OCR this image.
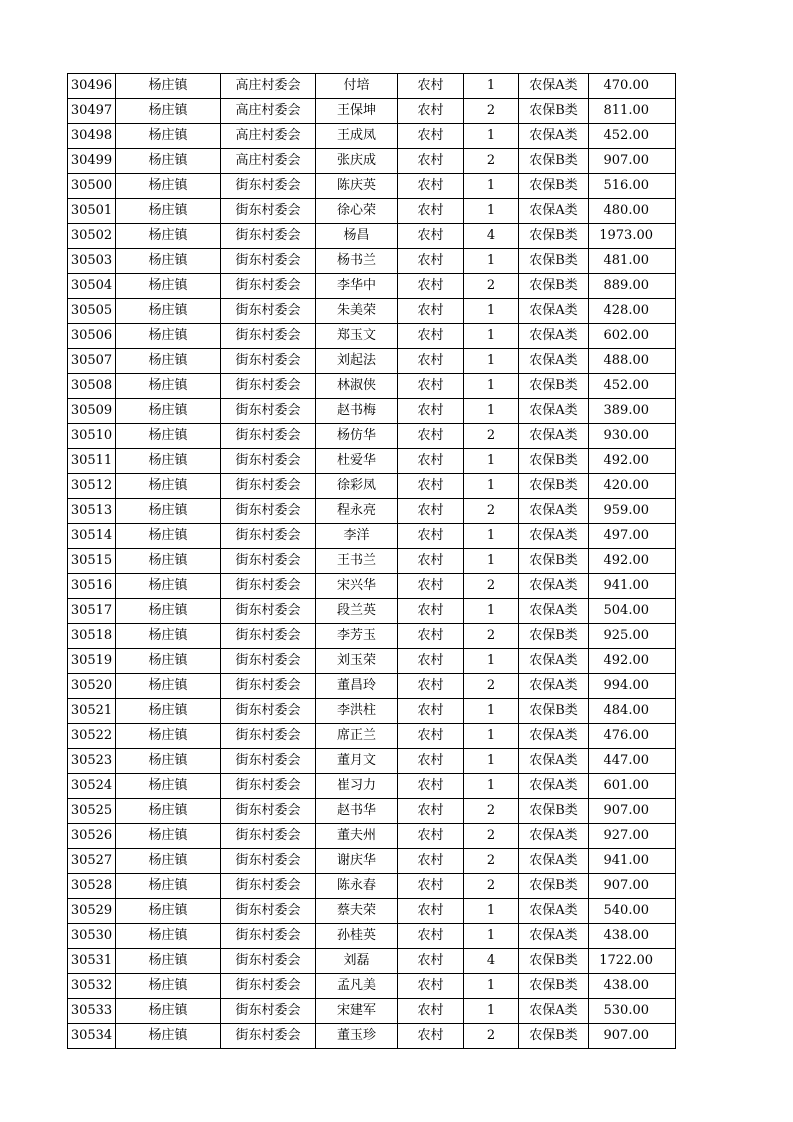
30496	杨庄镇	高庄村委会	付培	农村	1	农保A类	470.00
30497	杨庄镇	高庄村委会	王保坤	农村	2	农保B类	811.00
30498	杨庄镇	高庄村委会	王成凤	农村	1	农保A类	452.00
30499	杨庄镇	高庄村委会	张庆成	农村	2	农保B类	907.00
30500	杨庄镇	街东村委会	陈庆英	农村	1	农保B类	516.00
30501	杨庄镇	街东村委会	徐心荣	农村	1	农保A类	480.00
30502	杨庄镇	街东村委会	杨昌	农村	4	农保B类	1973.00
30503	杨庄镇	街东村委会	杨书兰	农村	1	农保B类	481.00
30504	杨庄镇	街东村委会	李华中	农村	2	农保B类	889.00
30505	杨庄镇	街东村委会	朱美荣	农村	1	农保A类	428.00
30506	杨庄镇	街东村委会	郑玉文	农村	1	农保A类	602.00
30507	杨庄镇	街东村委会	刘起法	农村	1	农保A类	488.00
30508	杨庄镇	街东村委会	林淑侠	农村	1	农保B类	452.00
30509	杨庄镇	街东村委会	赵书梅	农村	1	农保A类	389.00
30510	杨庄镇	街东村委会	杨仿华	农村	2	农保A类	930.00
30511	杨庄镇	街东村委会	杜爱华	农村	1	农保B类	492.00
30512	杨庄镇	街东村委会	徐彩凤	农村	1	农保B类	420.00
30513	杨庄镇	街东村委会	程永亮	农村	2	农保A类	959.00
30514	杨庄镇	街东村委会	李洋	农村	1	农保A类	497.00
30515	杨庄镇	街东村委会	王书兰	农村	1	农保B类	492.00
30516	杨庄镇	街东村委会	宋兴华	农村	2	农保A类	941.00
30517	杨庄镇	街东村委会	段兰英	农村	1	农保A类	504.00
30518	杨庄镇	街东村委会	李芳玉	农村	2	农保B类	925.00
30519	杨庄镇	街东村委会	刘玉荣	农村	1	农保A类	492.00
30520	杨庄镇	街东村委会	董昌玲	农村	2	农保A类	994.00
30521	杨庄镇	街东村委会	李洪柱	农村	1	农保B类	484.00
30522	杨庄镇	街东村委会	席正兰	农村	1	农保A类	476.00
30523	杨庄镇	街东村委会	董月文	农村	1	农保A类	447.00
30524	杨庄镇	街东村委会	崔习力	农村	1	农保A类	601.00
30525	杨庄镇	街东村委会	赵书华	农村	2	农保B类	907.00
30526	杨庄镇	街东村委会	董夫州	农村	2	农保A类	927.00
30527	杨庄镇	街东村委会	谢庆华	农村	2	农保A类	941.00
30528	杨庄镇	街东村委会	陈永春	农村	2	农保B类	907.00
30529	杨庄镇	街东村委会	蔡夫荣	农村	1	农保A类	540.00
30530	杨庄镇	街东村委会	孙桂英	农村	1	农保A类	438.00
30531	杨庄镇	街东村委会	刘磊	农村	4	农保B类	1722.00
30532	杨庄镇	街东村委会	孟凡美	农村	1	农保B类	438.00
30533	杨庄镇	街东村委会	宋建军	农村	1	农保A类	530.00
30534	杨庄镇	街东村委会	董玉珍	农村	2	农保B类	907.00
